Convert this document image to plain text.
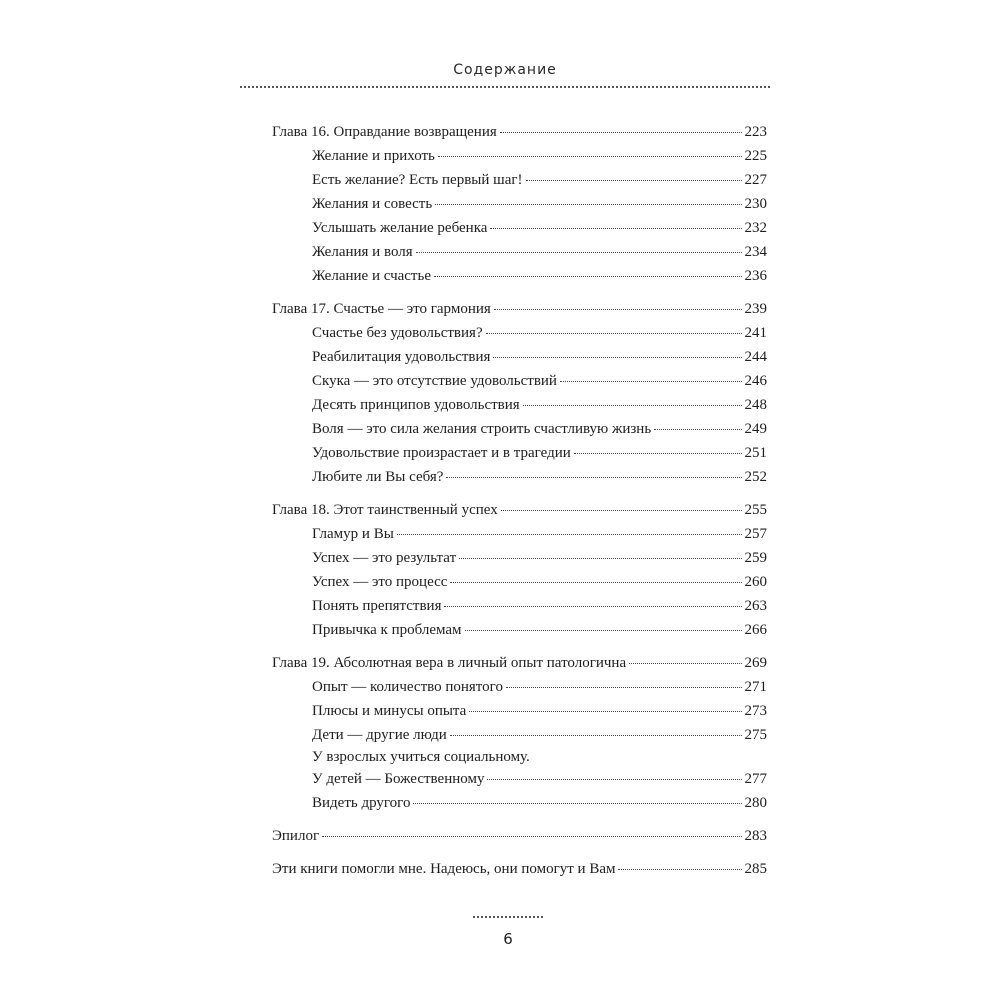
Содержание
Глава 16. Оправдание возвращения	223
Желание и прихоть	225
Есть желание? Есть первый шаг!	227
Желания и совесть	230
Услышать желание ребенка	232
Желания и воля	234
Желание и счастье	236
Глава 17. Счастье — это гармония	239
Счастье без удовольствия?	241
Реабилитация удовольствия	244
Скука — это отсутствие удовольствий	246
Десять принципов удовольствия	248
Воля — это сила желания строить счастливую жизнь	249
Удовольствие произрастает и в трагедии	251
Любите ли Вы себя?	252
Глава 18. Этот таинственный успех	255
Гламур и Вы	257
Успех — это результат	259
Успех — это процесс	260
Понять препятствия	263
Привычка к проблемам	266
Глава 19. Абсолютная вера в личный опыт патологична	269
Опыт — количество понятого	271
Плюсы и минусы опыта	273
Дети — другие люди	275
У взрослых учиться социальному.
У детей — Божественному	277
Видеть другого	280
Эпилог	283
Эти книги помогли мне. Надеюсь, они помогут и Вам	285
6
